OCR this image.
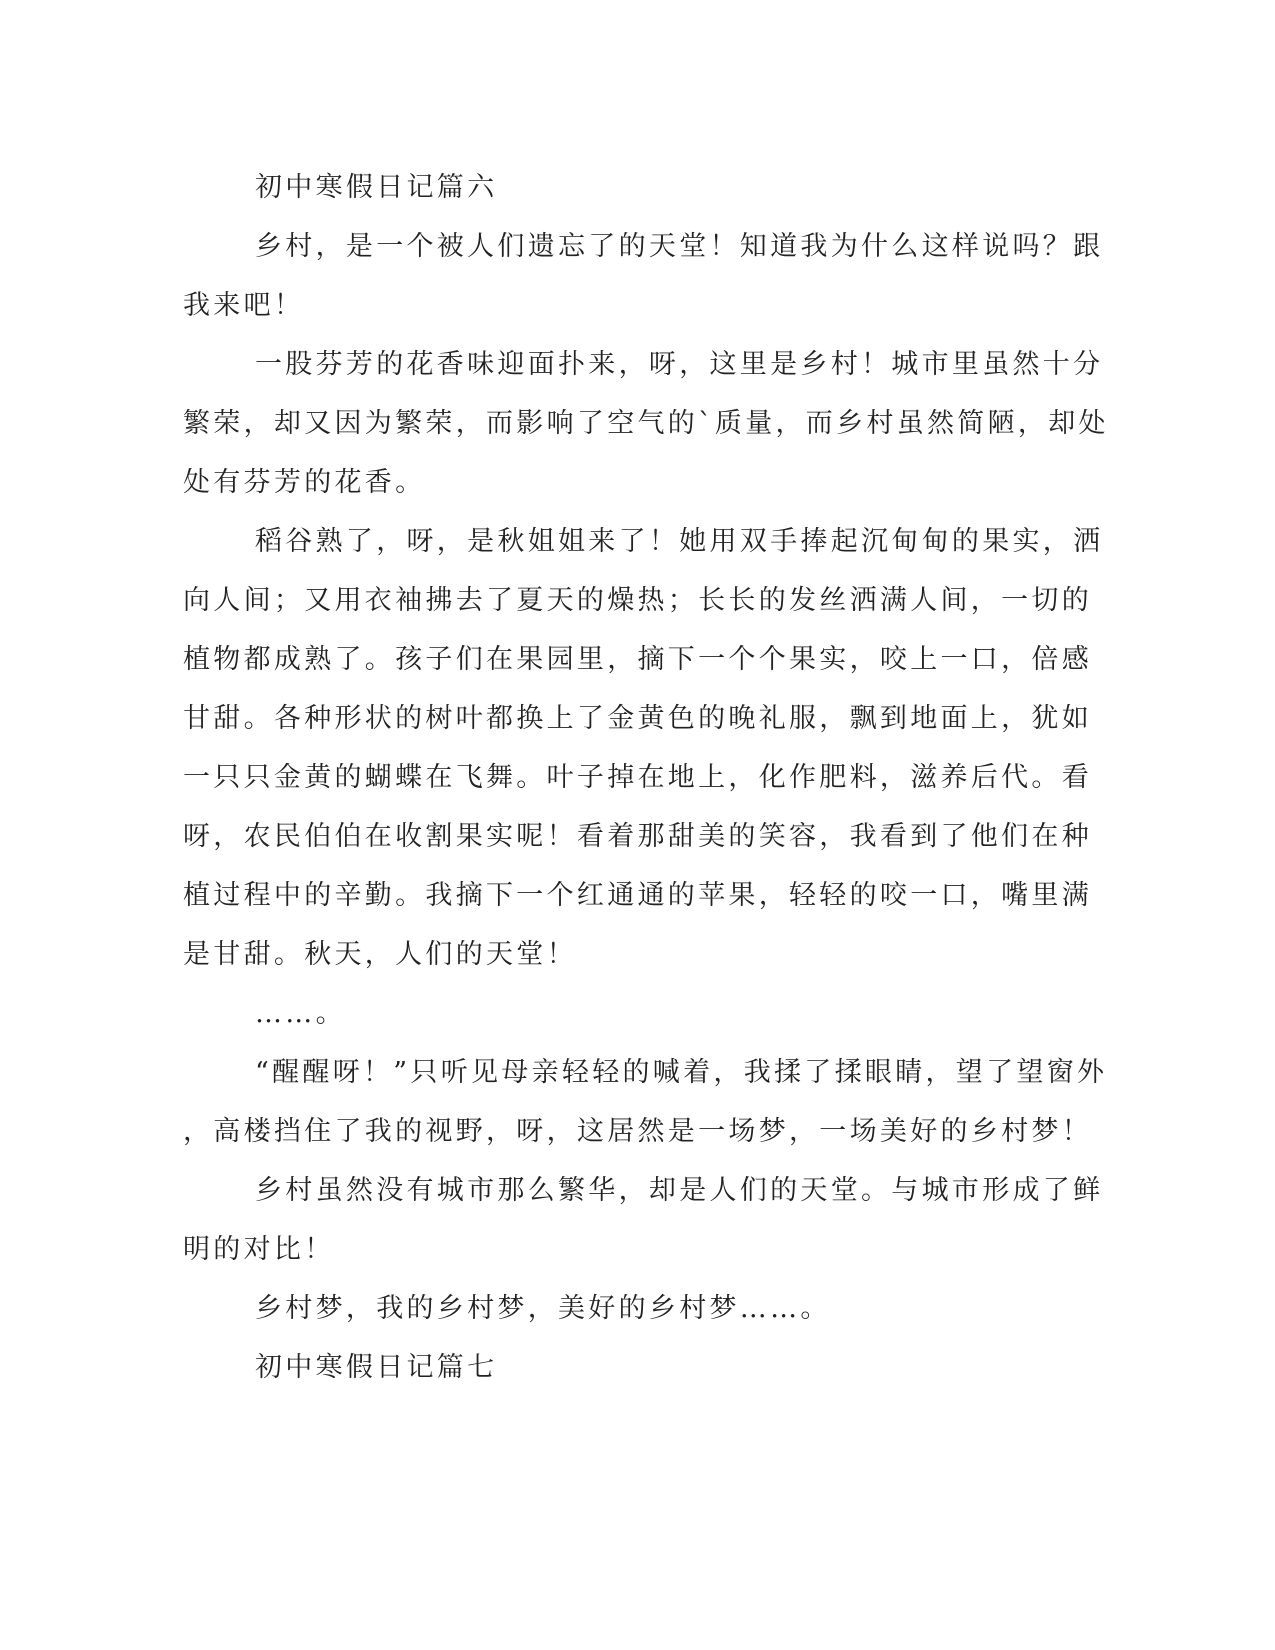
初中寒假日记篇六
乡村，是一个被人们遗忘了的天堂！知道我为什么这样说吗？跟
我来吧！
一股芬芳的花香味迎面扑来，呀，这里是乡村！城市里虽然十分
繁荣，却又因为繁荣，而影响了空气的`质量，而乡村虽然简陋，却处
处有芬芳的花香。
稻谷熟了，呀，是秋姐姐来了！她用双手捧起沉甸甸的果实，洒
向人间；又用衣袖拂去了夏天的燥热；长长的发丝洒满人间，一切的
植物都成熟了。孩子们在果园里，摘下一个个果实，咬上一口，倍感
甘甜。各种形状的树叶都换上了金黄色的晚礼服，飘到地面上，犹如
一只只金黄的蝴蝶在飞舞。叶子掉在地上，化作肥料，滋养后代。看
呀，农民伯伯在收割果实呢！看着那甜美的笑容，我看到了他们在种
植过程中的辛勤。我摘下一个红通通的苹果，轻轻的咬一口，嘴里满
是甘甜。秋天，人们的天堂！
……。
“醒醒呀！”只听见母亲轻轻的喊着，我揉了揉眼睛，望了望窗外
，高楼挡住了我的视野，呀，这居然是一场梦，一场美好的乡村梦！
乡村虽然没有城市那么繁华，却是人们的天堂。与城市形成了鲜
明的对比！
乡村梦，我的乡村梦，美好的乡村梦……。
初中寒假日记篇七
